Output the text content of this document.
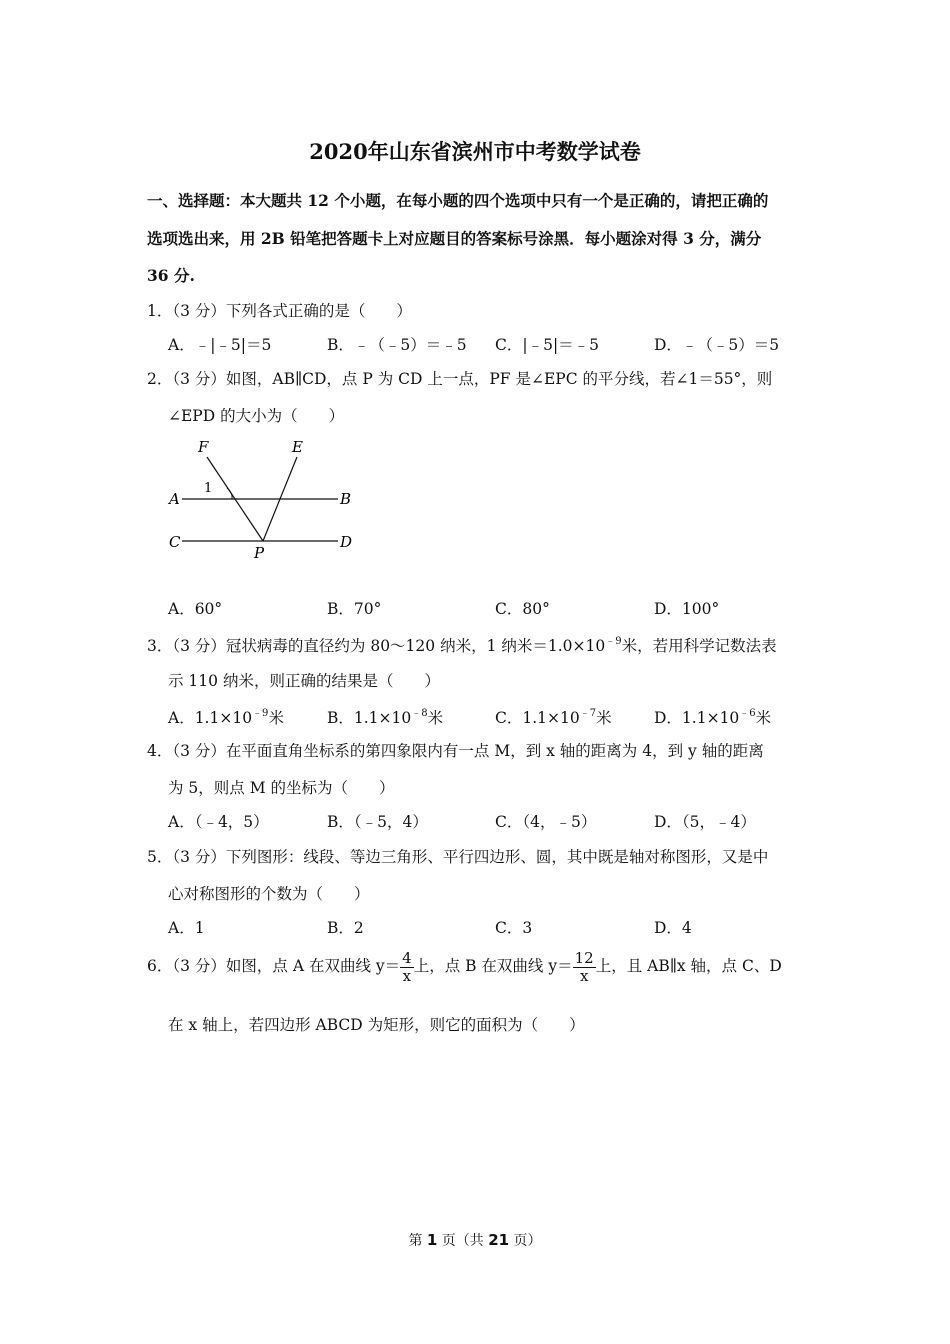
2020年山东省滨州市中考数学试卷
一、选择题：本大题共 12 个小题，在每小题的四个选项中只有一个是正确的，请把正确的
选项选出来，用 2B 铅笔把答题卡上对应题目的答案标号涂黑．每小题涂对得 3 分，满分
36 分.
1．（3 分）下列各式正确的是（　　）
A．﹣|﹣5|＝5	B．﹣（﹣5）＝﹣5 C．|﹣5|＝﹣5	D．﹣（﹣5）＝5
2．（3 分）如图，AB∥CD，点 P 为 CD 上一点，PF 是∠EPC 的平分线，若∠1＝55°，则
∠EPD 的大小为（　　）
F	E
A	B
C	D
P
1
A．60°	B．70°	C．80°	D．100°
3．（3 分）冠状病毒的直径约为 80～120 纳米，1 纳米$=1.0\times 10^{﹣9}$米，若用科学记数法表
示 110 纳米，则正确的结果是（　　）
A．$1.1\times 10^{﹣9}$米	B．$1.1\times 10^{﹣8}$米	C．$1.1\times 10^{﹣7}$米	D．$1.1\times 10^{﹣6}$米
4．（3 分）在平面直角坐标系的第四象限内有一点 M，到 x 轴的距离为 4，到 y 轴的距离
为 5，则点 M 的坐标为（　　）
A．（﹣4，5）	B．（﹣5，4）	C．（4，﹣5）	D．（5，﹣4）
5．（3 分）下列图形：线段、等边三角形、平行四边形、圆，其中既是轴对称图形，又是中
心对称图形的个数为（　　）
A．1	B．2	C．3	D．4
6．（3 分）如图，点 A 在双曲线 $y= \frac{4}{x}$ 上，点 B 在双曲线 $y= \frac{12}{x}$ 上，且 AB∥x 轴，点 C、D
在 x 轴上，若四边形 ABCD 为矩形，则它的面积为（　　）
第 1 页（共 21 页）
